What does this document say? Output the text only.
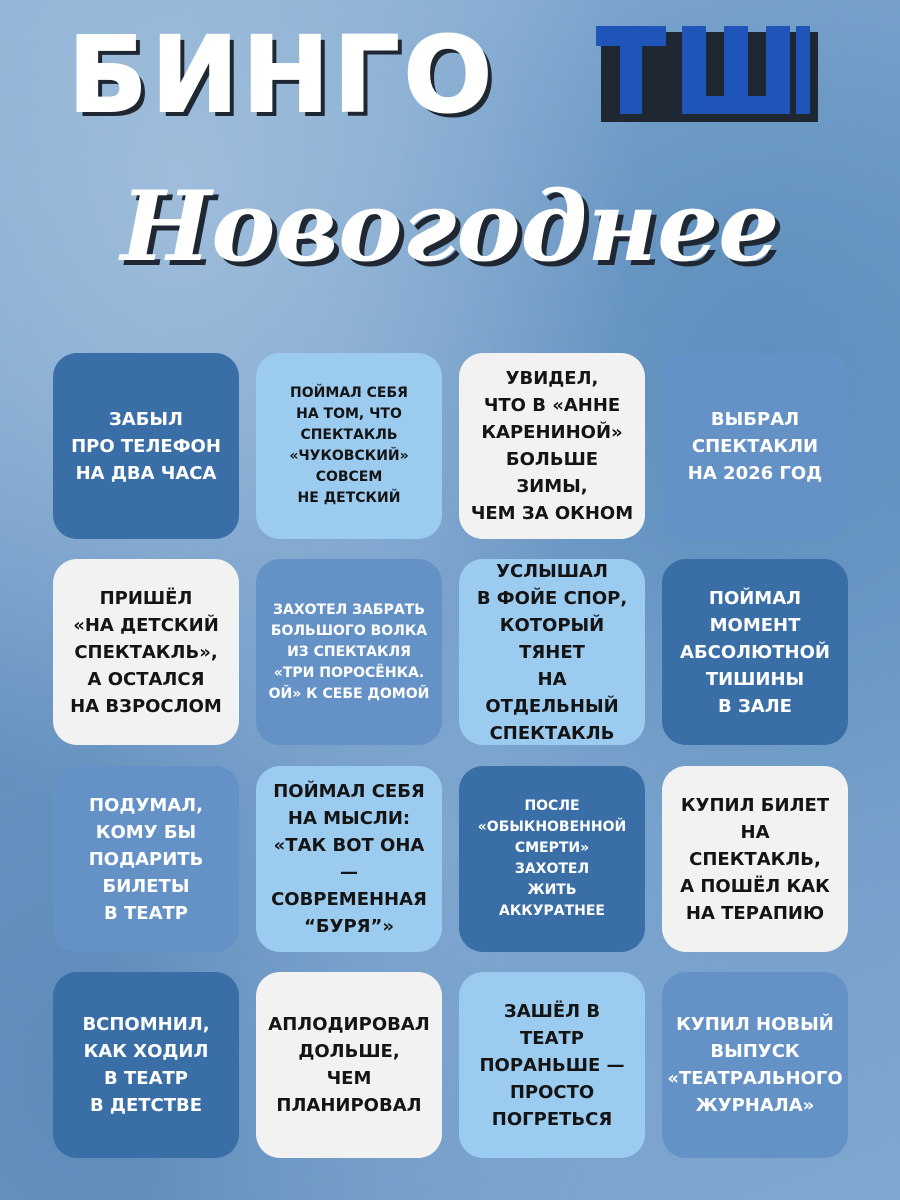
БИНГО
Новогоднее
ЗАБЫЛ
ПРО ТЕЛЕФОН
НА ДВА ЧАСА
ПОЙМАЛ СЕБЯ
НА ТОМ, ЧТО
СПЕКТАКЛЬ
«ЧУКОВСКИЙ»
СОВСЕМ
НЕ ДЕТСКИЙ
УВИДЕЛ,
ЧТО В «АННЕ
КАРЕНИНОЙ»
БОЛЬШЕ ЗИМЫ,
ЧЕМ ЗА ОКНОМ
ВЫБРАЛ
СПЕКТАКЛИ
НА 2026 ГОД
ПРИШЁЛ
«НА ДЕТСКИЙ
СПЕКТАКЛЬ»,
А ОСТАЛСЯ
НА ВЗРОСЛОМ
ЗАХОТЕЛ ЗАБРАТЬ
БОЛЬШОГО ВОЛКА
ИЗ СПЕКТАКЛЯ
«ТРИ ПОРОСЁНКА.
ОЙ» К СЕБЕ ДОМОЙ
УСЛЫШАЛ
В ФОЙЕ СПОР,
КОТОРЫЙ ТЯНЕТ
НА ОТДЕЛЬНЫЙ
СПЕКТАКЛЬ
ПОЙМАЛ
МОМЕНТ
АБСОЛЮТНОЙ
ТИШИНЫ
В ЗАЛЕ
ПОДУМАЛ,
КОМУ БЫ
ПОДАРИТЬ
БИЛЕТЫ
В ТЕАТР
ПОЙМАЛ СЕБЯ
НА МЫСЛИ:
«ТАК ВОТ ОНА —
СОВРЕМЕННАЯ
“БУРЯ”»
ПОСЛЕ
«ОБЫКНОВЕННОЙ
СМЕРТИ»
ЗАХОТЕЛ
ЖИТЬ
АККУРАТНЕЕ
КУПИЛ БИЛЕТ
НА СПЕКТАКЛЬ,
А ПОШЁЛ КАК
НА ТЕРАПИЮ
ВСПОМНИЛ,
КАК ХОДИЛ
В ТЕАТР
В ДЕТСТВЕ
АПЛОДИРОВАЛ
ДОЛЬШЕ,
ЧЕМ ПЛАНИРОВАЛ
ЗАШЁЛ В ТЕАТР
ПОРАНЬШЕ —
ПРОСТО
ПОГРЕТЬСЯ
КУПИЛ НОВЫЙ
ВЫПУСК
«ТЕАТРАЛЬНОГО
ЖУРНАЛА»
